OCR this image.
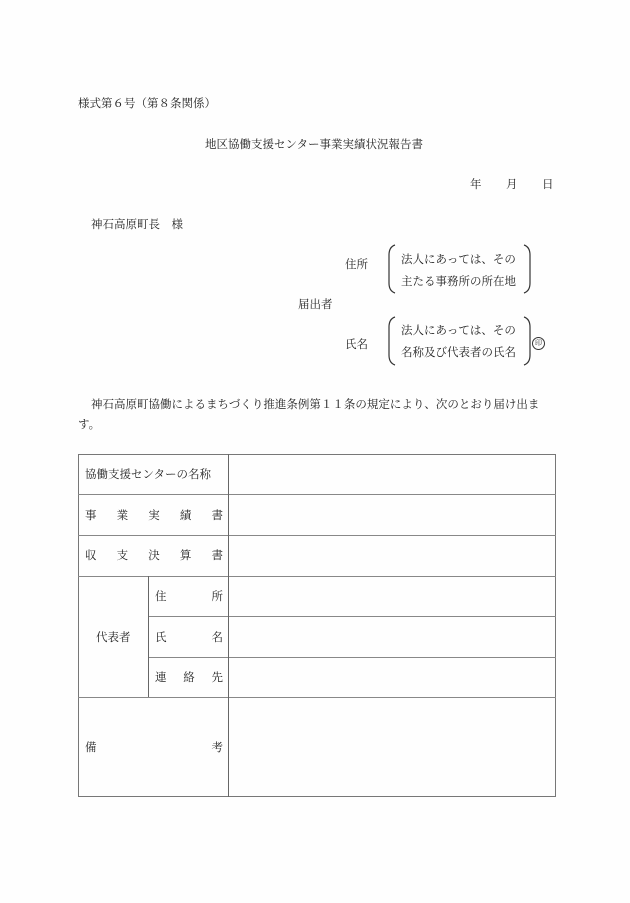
様式第６号（第８条関係）
地区協働支援センター事業実績状況報告書
年 月 日
神石高原町長　様
住所	法人にあっては、その
主たる事務所の所在地
届出者
氏名
法人にあっては、その
名称及び代表者の氏名
印
神石高原町協働によるまちづくり推進条例第１１条の規定により、次のとおり届け出ま
す。
協働支援センターの名称
事 業 実 績 書
収 支 決 算 書
代表者
住	所
氏	名
連 絡 先
備	考
